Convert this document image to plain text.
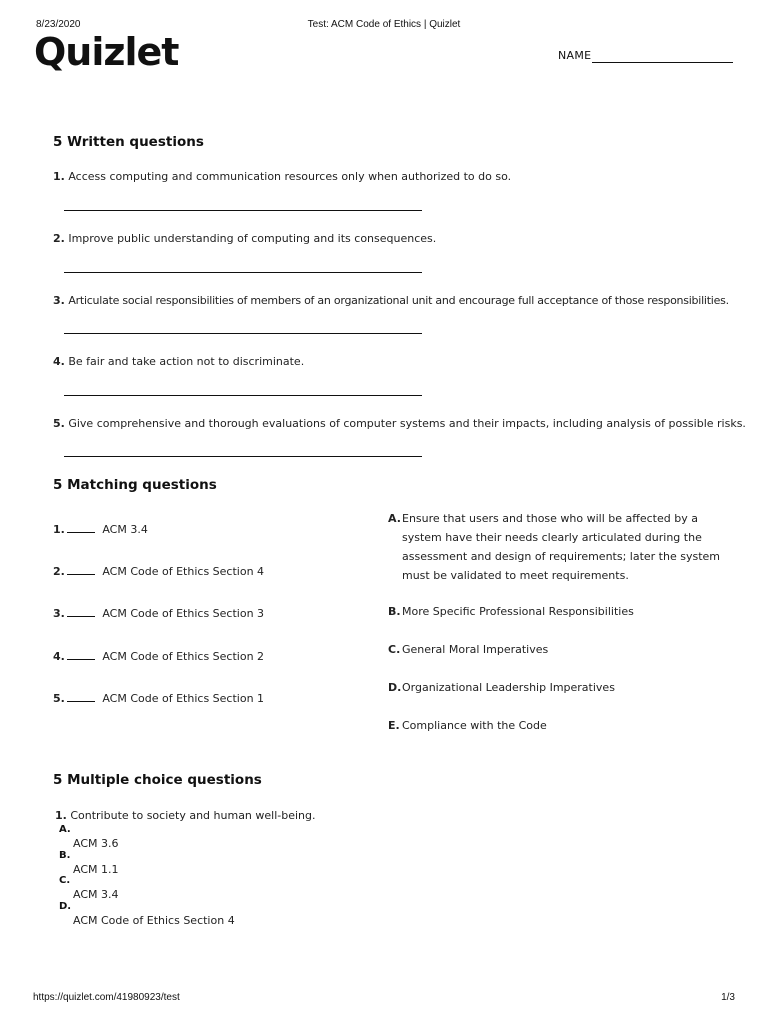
8/23/2020	Test: ACM Code of Ethics | Quizlet
https://quizlet.com/41980923/test	1/3
Quizlet	NAME
5 Written questions
1. Access computing and communication resources only when authorized to do so.
2. Improve public understanding of computing and its consequences.
3. Articulate social responsibilities of members of an organizational unit and encourage full acceptance of those responsibilities.
4. Be fair and take action not to discriminate.
5. Give comprehensive and thorough evaluations of computer systems and their impacts, including analysis of possible risks.
5 Matching questions
1.	ACM 3.4
2.	ACM Code of Ethics Section 4
3.	ACM Code of Ethics Section 3
4.	ACM Code of Ethics Section 2
5.	ACM Code of Ethics Section 1
A. Ensure that users and those who will be affected by a system have their needs clearly articulated during the assessment and design of requirements; later the system must be validated to meet requirements.
B. More Specific Professional Responsibilities
C. General Moral Imperatives
D. Organizational Leadership Imperatives
E. Compliance with the Code
5 Multiple choice questions
1. Contribute to society and human well-being.
A.
ACM 3.6
B.
ACM 1.1
C.
ACM 3.4
D.
ACM Code of Ethics Section 4
